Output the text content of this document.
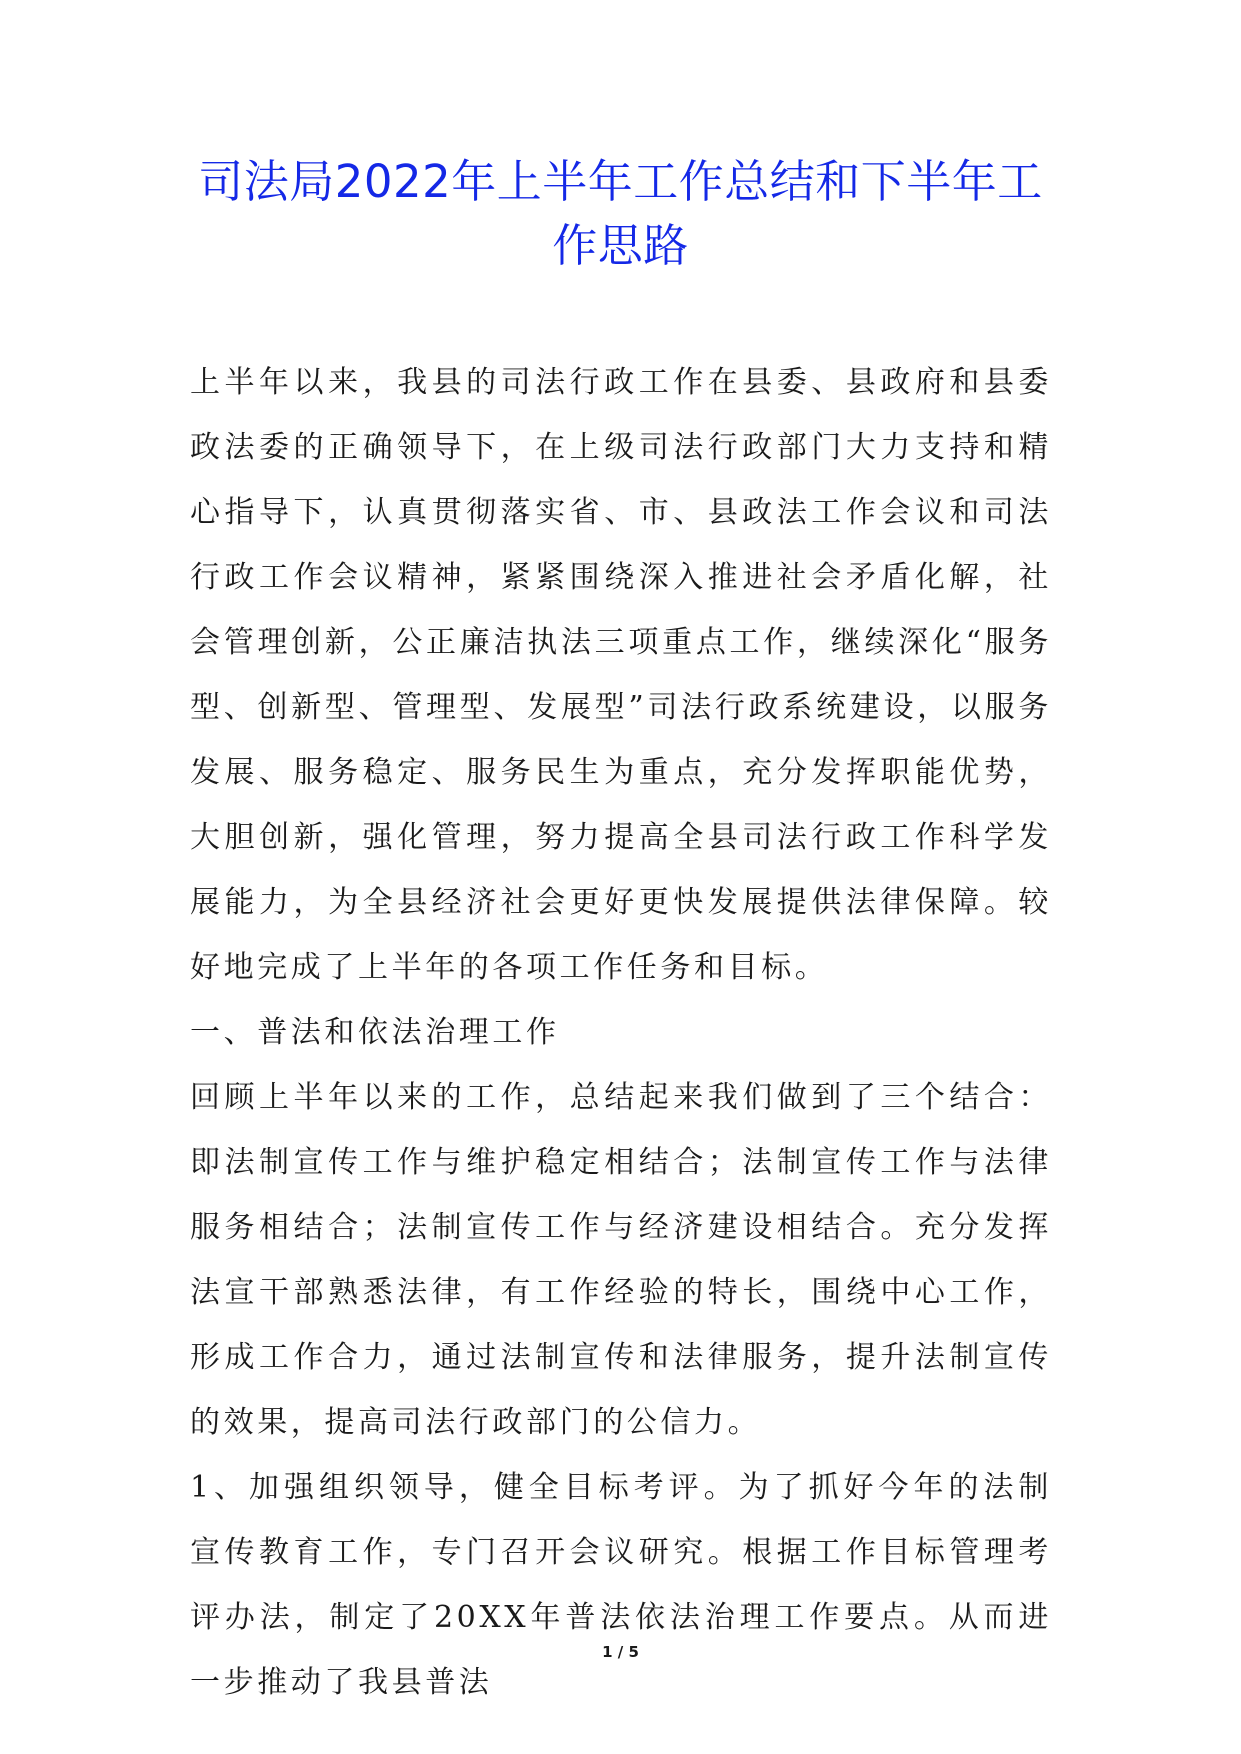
司法局2022年上半年工作总结和下半年工
作思路

上半年以来，我县的司法行政工作在县委、县政府和县委政法委的正确领导下，在上级司法行政部门大力支持和精心指导下，认真贯彻落实省、市、县政法工作会议和司法行政工作会议精神，紧紧围绕深入推进社会矛盾化解，社会管理创新，公正廉洁执法三项重点工作，继续深化“服务型、创新型、管理型、发展型”司法行政系统建设，以服务发展、服务稳定、服务民生为重点，充分发挥职能优势，大胆创新，强化管理，努力提高全县司法行政工作科学发展能力，为全县经济社会更好更快发展提供法律保障。较好地完成了上半年的各项工作任务和目标。

一、普法和依法治理工作

回顾上半年以来的工作，总结起来我们做到了三个结合：即法制宣传工作与维护稳定相结合；法制宣传工作与法律服务相结合；法制宣传工作与经济建设相结合。充分发挥法宣干部熟悉法律，有工作经验的特长，围绕中心工作，形成工作合力，通过法制宣传和法律服务，提升法制宣传的效果，提高司法行政部门的公信力。

1、加强组织领导，健全目标考评。为了抓好今年的法制宣传教育工作，专门召开会议研究。根据工作目标管理考评办法，制定了20XX年普法依法治理工作要点。从而进一步推动了我县普法

1 / 5
